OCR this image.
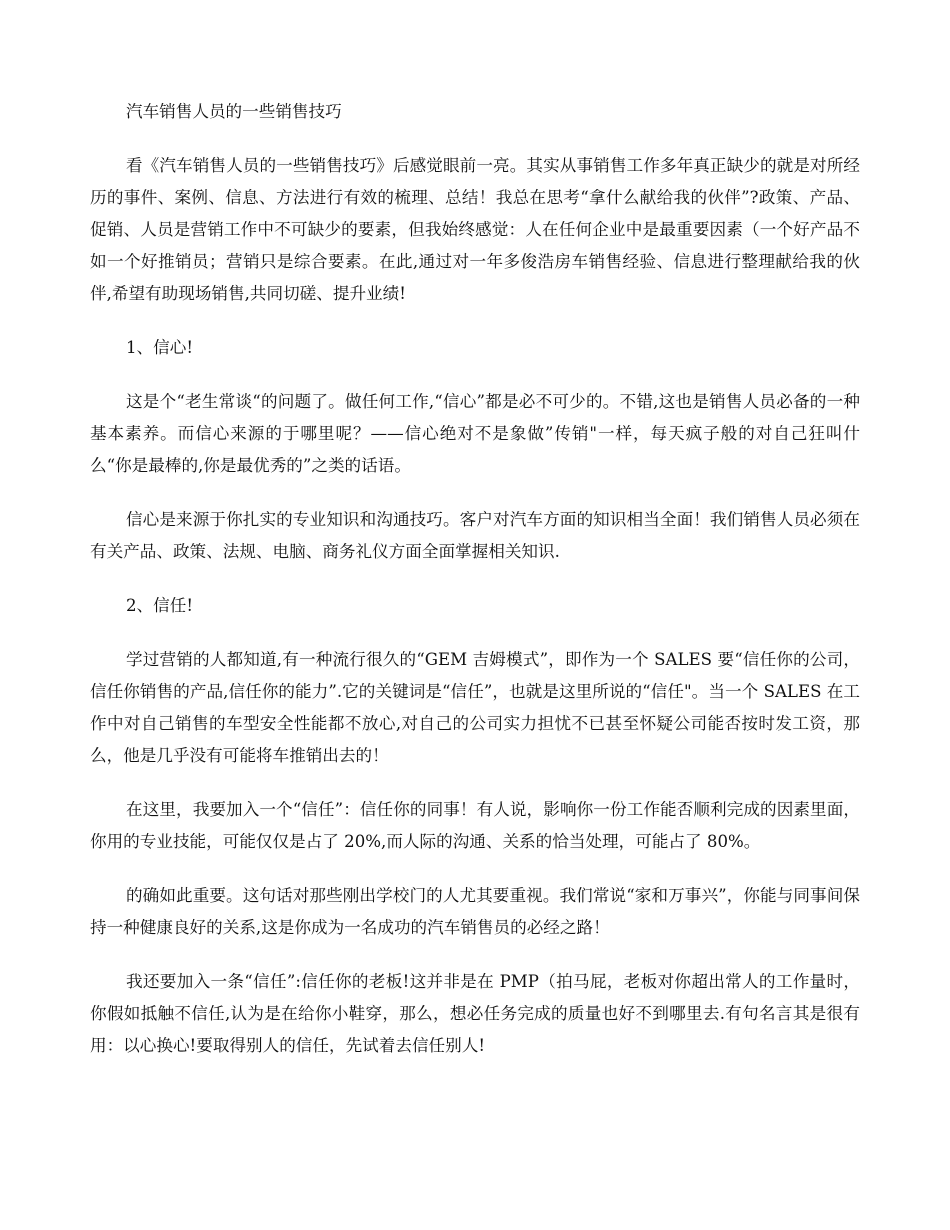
汽车销售人员的一些销售技巧

看《汽车销售人员的一些销售技巧》后感觉眼前一亮。其实从事销售工作多年真正缺少的就是对所经历的事件、案例、信息、方法进行有效的梳理、总结！我总在思考“拿什么献给我的伙伴”?政策、产品、促销、人员是营销工作中不可缺少的要素，但我始终感觉：人在任何企业中是最重要因素（一个好产品不如一个好推销员；营销只是综合要素。在此,通过对一年多俊浩房车销售经验、信息进行整理献给我的伙伴,希望有助现场销售,共同切磋、提升业绩!

1、信心!

这是个“老生常谈“的问题了。做任何工作,“信心”都是必不可少的。不错,这也是销售人员必备的一种基本素养。而信心来源的于哪里呢？——信心绝对不是象做”传销"一样，每天疯子般的对自己狂叫什么“你是最棒的,你是最优秀的”之类的话语。

信心是来源于你扎实的专业知识和沟通技巧。客户对汽车方面的知识相当全面！我们销售人员必须在有关产品、政策、法规、电脑、商务礼仪方面全面掌握相关知识.

2、信任!

学过营销的人都知道,有一种流行很久的“GEM 吉姆模式”，即作为一个 SALES 要“信任你的公司，信任你销售的产品,信任你的能力”.它的关键词是“信任”，也就是这里所说的“信任"。当一个 SALES 在工作中对自己销售的车型安全性能都不放心,对自己的公司实力担忧不已甚至怀疑公司能否按时发工资，那么，他是几乎没有可能将车推销出去的！

在这里，我要加入一个“信任”：信任你的同事！有人说，影响你一份工作能否顺利完成的因素里面，你用的专业技能，可能仅仅是占了 20%,而人际的沟通、关系的恰当处理，可能占了 80%。

的确如此重要。这句话对那些刚出学校门的人尤其要重视。我们常说“家和万事兴”，你能与同事间保持一种健康良好的关系,这是你成为一名成功的汽车销售员的必经之路！

我还要加入一条“信任”:信任你的老板!这并非是在 PMP（拍马屁，老板对你超出常人的工作量时，你假如抵触不信任,认为是在给你小鞋穿，那么，想必任务完成的质量也好不到哪里去.有句名言其是很有用：以心换心!要取得别人的信任，先试着去信任别人!
